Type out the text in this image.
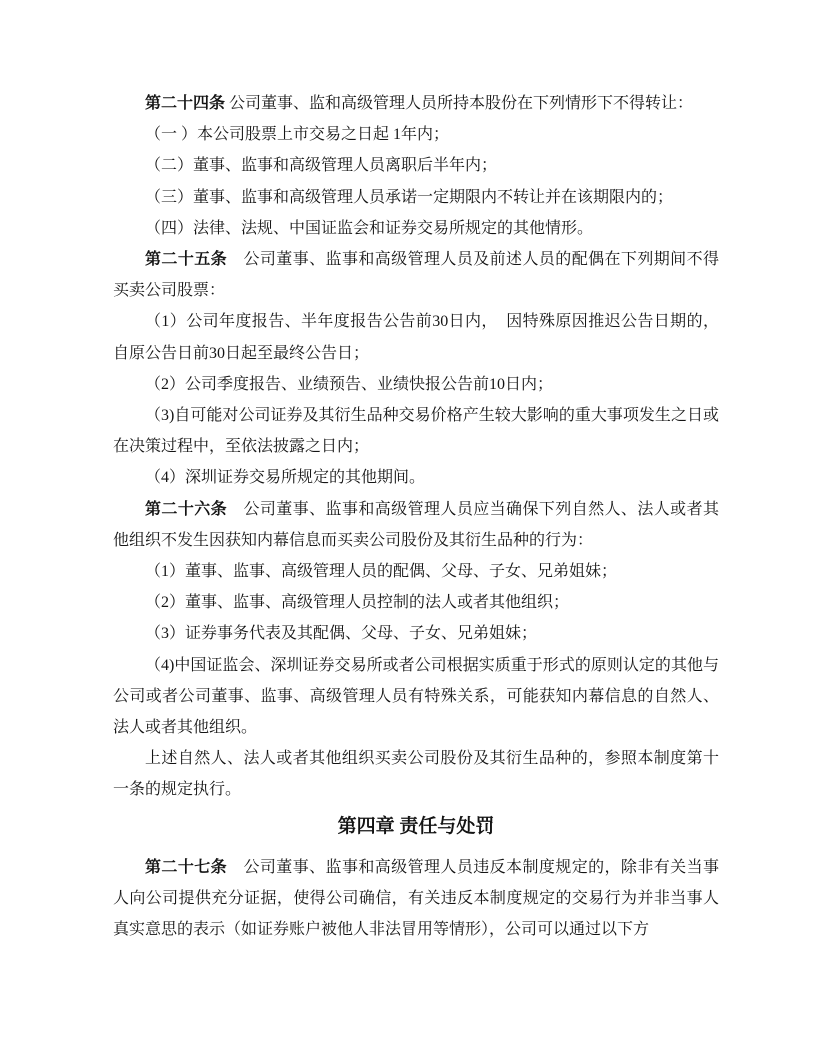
第二十四条 公司董事、监和高级管理人员所持本股份在下列情形下不得转让：

（一 ）本公司股票上市交易之日起 1年内；

（二）董事、监事和高级管理人员离职后半年内；

（三）董事、监事和高级管理人员承诺一定期限内不转让并在该期限内的；

（四）法律、法规、中国证监会和证券交易所规定的其他情形。

第二十五条　公司董事、监事和高级管理人员及前述人员的配偶在下列期间不得买卖公司股票：

（1）公司年度报告、半年度报告公告前30日内，　因特殊原因推迟公告日期的，自原公告日前30日起至最终公告日；

（2）公司季度报告、业绩预告、业绩快报公告前10日内；

（3)自可能对公司证券及其衍生品种交易价格产生较大影响的重大事项发生之日或在决策过程中，至依法披露之日内；

（4）深圳证券交易所规定的其他期间。

第二十六条　公司董事、监事和高级管理人员应当确保下列自然人、法人或者其他组织不发生因获知内幕信息而买卖公司股份及其衍生品种的行为：

（1）董事、监事、高级管理人员的配偶、父母、子女、兄弟姐妹；

（2）董事、监事、高级管理人员控制的法人或者其他组织；

（3）证券事务代表及其配偶、父母、子女、兄弟姐妹；

（4)中国证监会、深圳证券交易所或者公司根据实质重于形式的原则认定的其他与公司或者公司董事、监事、高级管理人员有特殊关系，可能获知内幕信息的自然人、法人或者其他组织。

上述自然人、法人或者其他组织买卖公司股份及其衍生品种的，参照本制度第十一条的规定执行。

第四章 责任与处罚

第二十七条　公司董事、监事和高级管理人员违反本制度规定的，除非有关当事人向公司提供充分证据，使得公司确信，有关违反本制度规定的交易行为并非当事人真实意思的表示（如证券账户被他人非法冒用等情形），公司可以通过以下方
